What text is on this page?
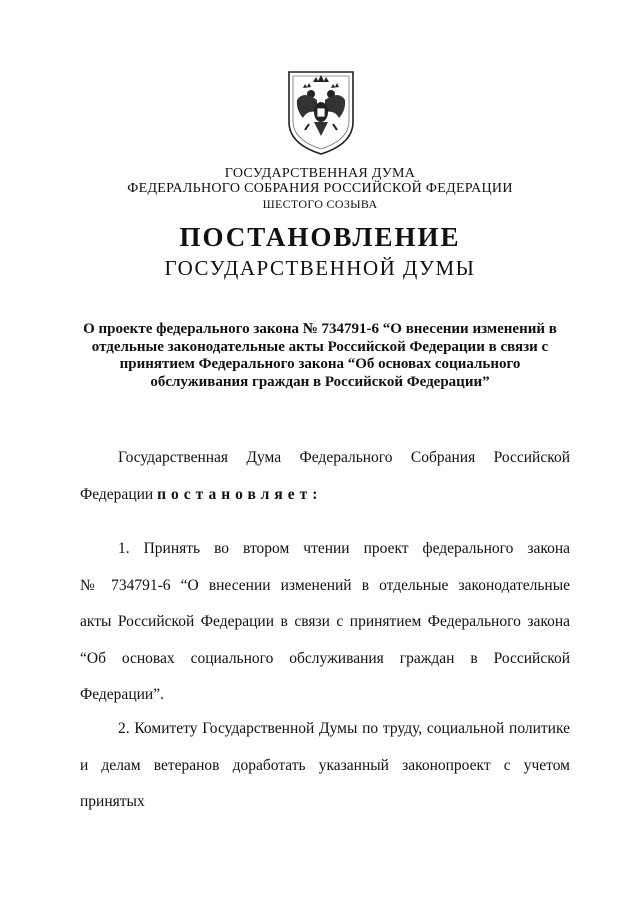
ГОСУДАРСТВЕННАЯ ДУМА
ФЕДЕРАЛЬНОГО СОБРАНИЯ РОССИЙСКОЙ ФЕДЕРАЦИИ
ШЕСТОГО СОЗЫВА
ПОСТАНОВЛЕНИЕ
ГОСУДАРСТВЕННОЙ ДУМЫ
О проекте федерального закона № 734791-6 “О внесении изменений в
отдельные законодательные акты Российской Федерации в связи с
принятием Федерального закона “Об основах социального
обслуживания граждан в Российской Федерации”
Государственная Дума Федерального Собрания Российской
Федерации постановляет:
1. Принять во втором чтении проект федерального закона
№ 734791-6 “О внесении изменений в отдельные законодательные
акты Российской Федерации в связи с принятием Федерального закона
“Об основах социального обслуживания граждан в Российской
Федерации”.
2. Комитету Государственной Думы по труду, социальной политике
и делам ветеранов доработать указанный законопроект с учетом принятых
